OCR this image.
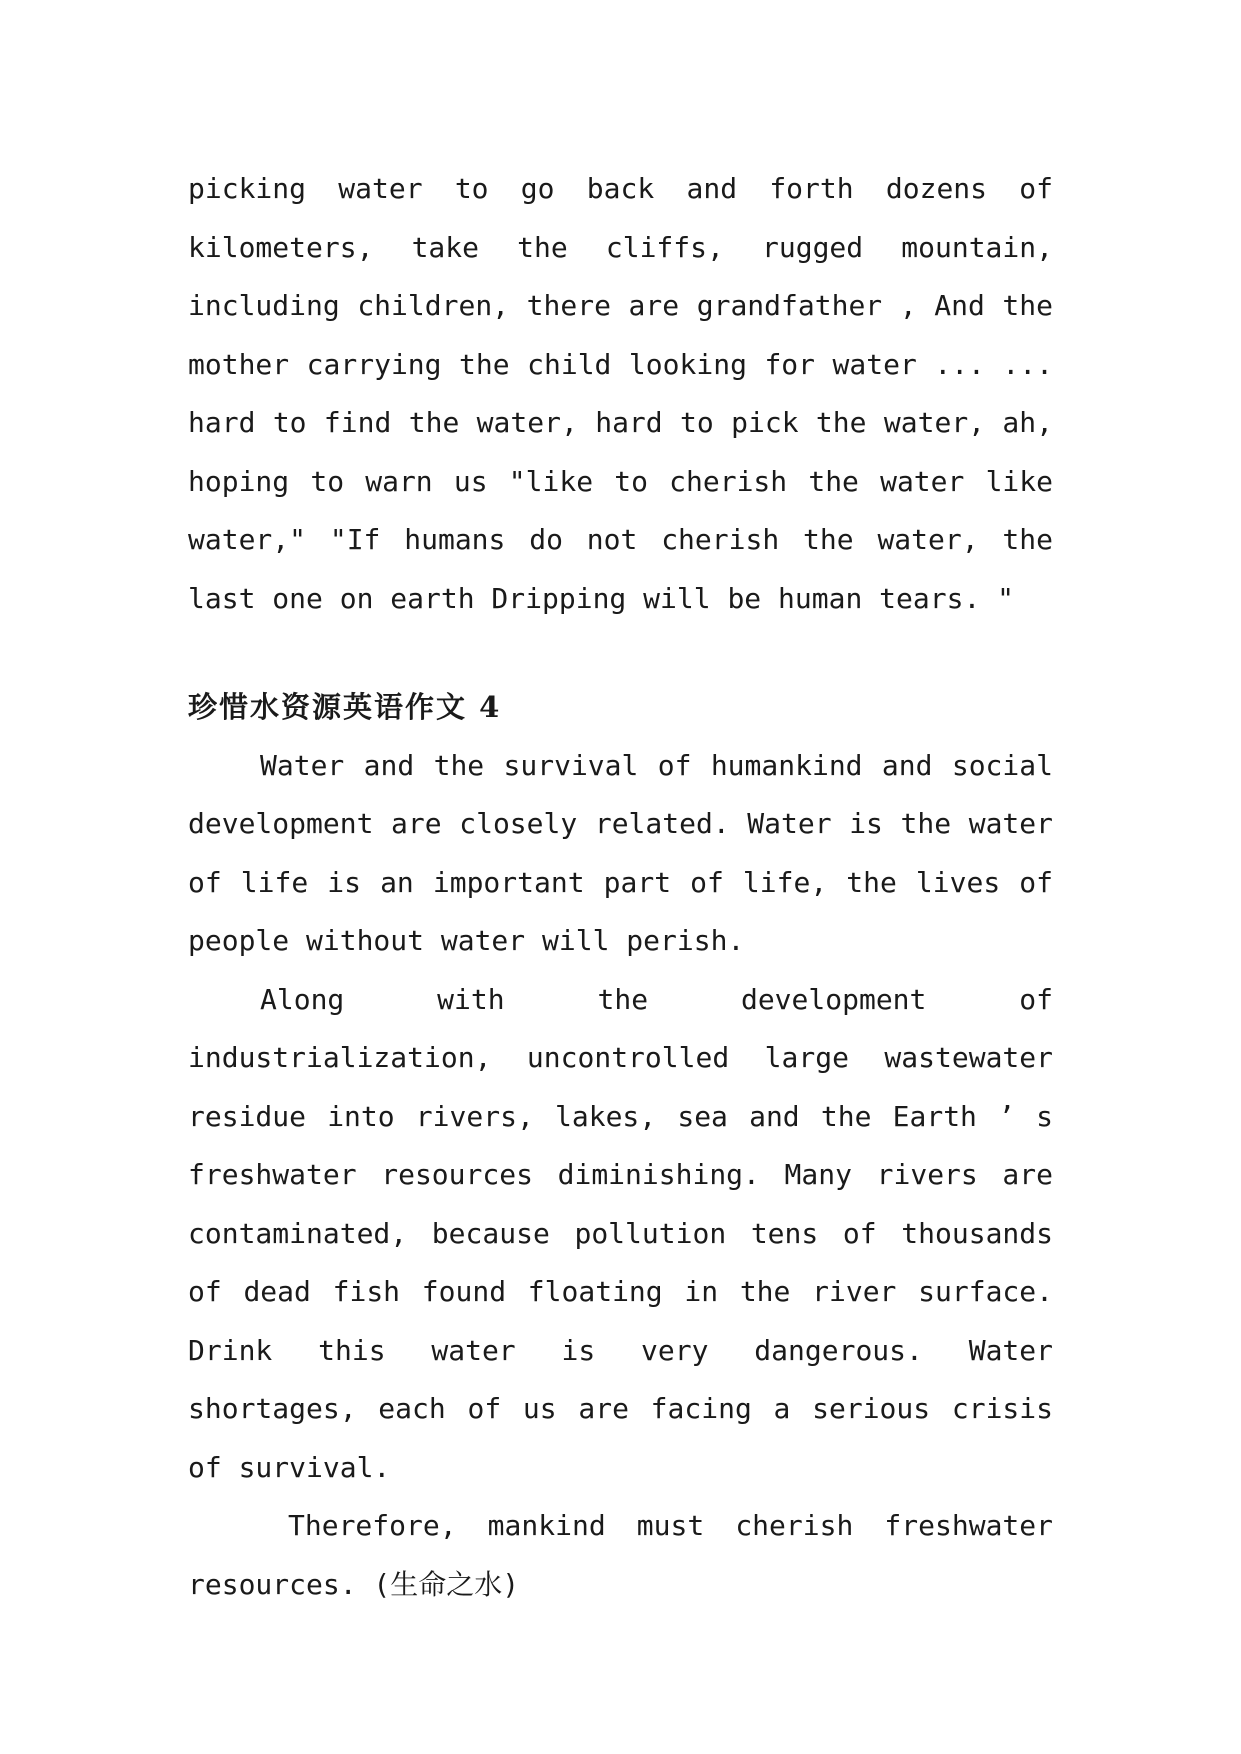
picking water to go back and forth dozens of kilometers, take the cliffs, rugged mountain, including children, there are grandfather , And the mother carrying the child looking for water ... ... hard to find the water, hard to pick the water, ah, hoping to warn us "like to cherish the water like water," "If humans do not cherish the water, the last one on earth Dripping will be human tears. "

珍惜水资源英语作文 4

Water and the survival of humankind and social development are closely related. Water is the water of life is an important part of life, the lives of people without water will perish.

Along with the development of industrialization, uncontrolled large wastewater residue into rivers, lakes, sea and the Earth ’ s freshwater resources diminishing. Many rivers are contaminated, because pollution tens of thousands of dead fish found floating in the river surface. Drink this water is very dangerous. Water shortages, each of us are facing a serious crisis of survival.

Therefore, mankind must cherish freshwater resources. (生命之水)
